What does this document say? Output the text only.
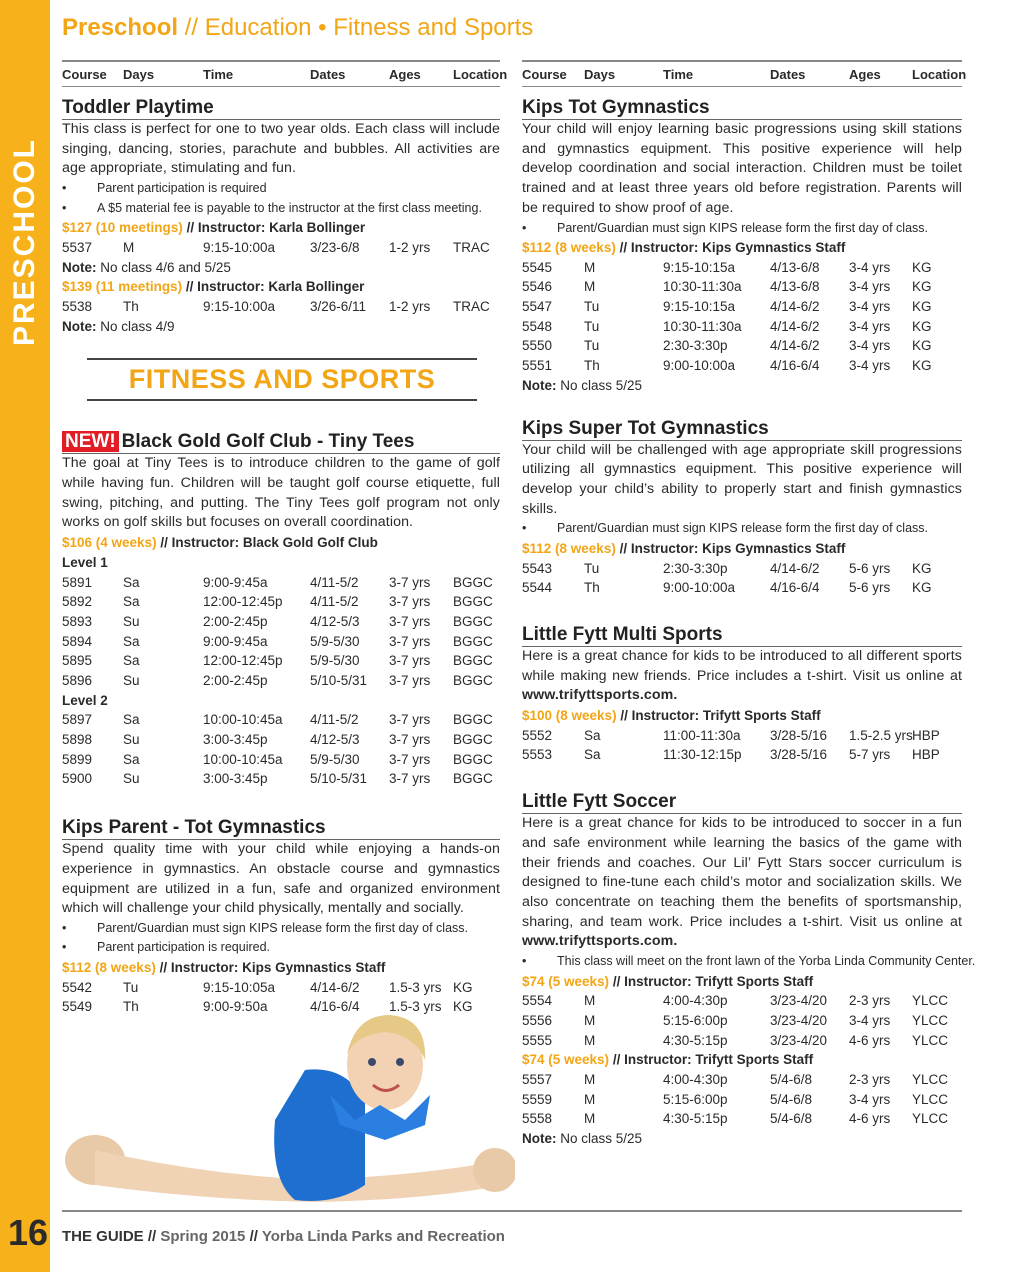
PRESCHOOL
16
Preschool // Education • Fitness and Sports
Course	Days	Time	Dates	Ages	Location
Toddler Playtime
This class is perfect for one to two year olds. Each class will include singing, dancing, stories, parachute and bubbles. All activities are age appropriate, stimulating and fun.
•	Parent participation is required
•	A $5 material fee is payable to the instructor at the first class meeting.
$127 (10 meetings) // Instructor: Karla Bollinger
5537	M	9:15-10:00a	3/23-6/8	1-2 yrs	TRAC
Note: No class 4/6 and 5/25
$139 (11 meetings) // Instructor: Karla Bollinger
5538	Th	9:15-10:00a	3/26-6/11	1-2 yrs	TRAC
Note: No class 4/9
FITNESS AND SPORTS
NEW! Black Gold Golf Club - Tiny Tees
The goal at Tiny Tees is to introduce children to the game of golf while having fun. Children will be taught golf course etiquette, full swing, pitching, and putting. The Tiny Tees golf program not only works on golf skills but focuses on overall coordination.
$106 (4 weeks) // Instructor: Black Gold Golf Club
Level 1
5891	Sa	9:00-9:45a	4/11-5/2	3-7 yrs	BGGC
5892	Sa	12:00-12:45p	4/11-5/2	3-7 yrs	BGGC
5893	Su	2:00-2:45p	4/12-5/3	3-7 yrs	BGGC
5894	Sa	9:00-9:45a	5/9-5/30	3-7 yrs	BGGC
5895	Sa	12:00-12:45p	5/9-5/30	3-7 yrs	BGGC
5896	Su	2:00-2:45p	5/10-5/31	3-7 yrs	BGGC
Level 2
5897	Sa	10:00-10:45a	4/11-5/2	3-7 yrs	BGGC
5898	Su	3:00-3:45p	4/12-5/3	3-7 yrs	BGGC
5899	Sa	10:00-10:45a	5/9-5/30	3-7 yrs	BGGC
5900	Su	3:00-3:45p	5/10-5/31	3-7 yrs	BGGC
Kips Parent - Tot Gymnastics
Spend quality time with your child while enjoying a hands-on experience in gymnastics. An obstacle course and gymnastics equipment are utilized in a fun, safe and organized environment which will challenge your child physically, mentally and socially.
•	Parent/Guardian must sign KIPS release form the first day of class.
•	Parent participation is required.
$112 (8 weeks) // Instructor: Kips Gymnastics Staff
5542	Tu	9:15-10:05a	4/14-6/2	1.5-3 yrs KG
5549	Th	9:00-9:50a	4/16-6/4	1.5-3 yrs KG
Course	Days	Time	Dates	Ages	Location
Kips Tot Gymnastics
Your child will enjoy learning basic progressions using skill stations and gymnastics equipment. This positive experience will help develop coordination and social interaction. Children must be toilet trained and at least three years old before registration. Parents will be required to show proof of age.
•	Parent/Guardian must sign KIPS release form the first day of class.
$112 (8 weeks) // Instructor: Kips Gymnastics Staff
5545	M	9:15-10:15a	4/13-6/8	3-4 yrs	KG
5546	M	10:30-11:30a	4/13-6/8	3-4 yrs	KG
5547	Tu	9:15-10:15a	4/14-6/2	3-4 yrs	KG
5548	Tu	10:30-11:30a	4/14-6/2	3-4 yrs	KG
5550	Tu	2:30-3:30p	4/14-6/2	3-4 yrs	KG
5551	Th	9:00-10:00a	4/16-6/4	3-4 yrs	KG
Note: No class 5/25
Kips Super Tot Gymnastics
Your child will be challenged with age appropriate skill progressions utilizing all gymnastics equipment. This positive experience will develop your child’s ability to properly start and finish gymnastics skills.
•	Parent/Guardian must sign KIPS release form the first day of class.
$112 (8 weeks) // Instructor: Kips Gymnastics Staff
5543	Tu	2:30-3:30p	4/14-6/2	5-6 yrs	KG
5544	Th	9:00-10:00a	4/16-6/4	5-6 yrs	KG
Little Fytt Multi Sports
Here is a great chance for kids to be introduced to all different sports while making new friends. Price includes a t-shirt. Visit us online at www.trifyttsports.com.
$100 (8 weeks) // Instructor: Trifytt Sports Staff
5552	Sa	11:00-11:30a	3/28-5/16	1.5-2.5 yrs HBP
5553	Sa	11:30-12:15p	3/28-5/16	5-7 yrs	HBP
Little Fytt Soccer
Here is a great chance for kids to be introduced to soccer in a fun and safe environment while learning the basics of the game with their friends and coaches. Our Lil’ Fytt Stars soccer curriculum is designed to fine-tune each child’s motor and socialization skills. We also concentrate on teaching them the benefits of sportsmanship, sharing, and team work. Price includes a t-shirt. Visit us online at www.trifyttsports.com.
•	This class will meet on the front lawn of the Yorba Linda Community Center.
$74 (5 weeks) // Instructor: Trifytt Sports Staff
5554	M	4:00-4:30p	3/23-4/20	2-3 yrs	YLCC
5556	M	5:15-6:00p	3/23-4/20	3-4 yrs	YLCC
5555	M	4:30-5:15p	3/23-4/20	4-6 yrs	YLCC
$74 (5 weeks) // Instructor: Trifytt Sports Staff
5557	M	4:00-4:30p	5/4-6/8	2-3 yrs	YLCC
5559	M	5:15-6:00p	5/4-6/8	3-4 yrs	YLCC
5558	M	4:30-5:15p	5/4-6/8	4-6 yrs	YLCC
Note: No class 5/25
THE GUIDE // Spring 2015 // Yorba Linda Parks and Recreation
